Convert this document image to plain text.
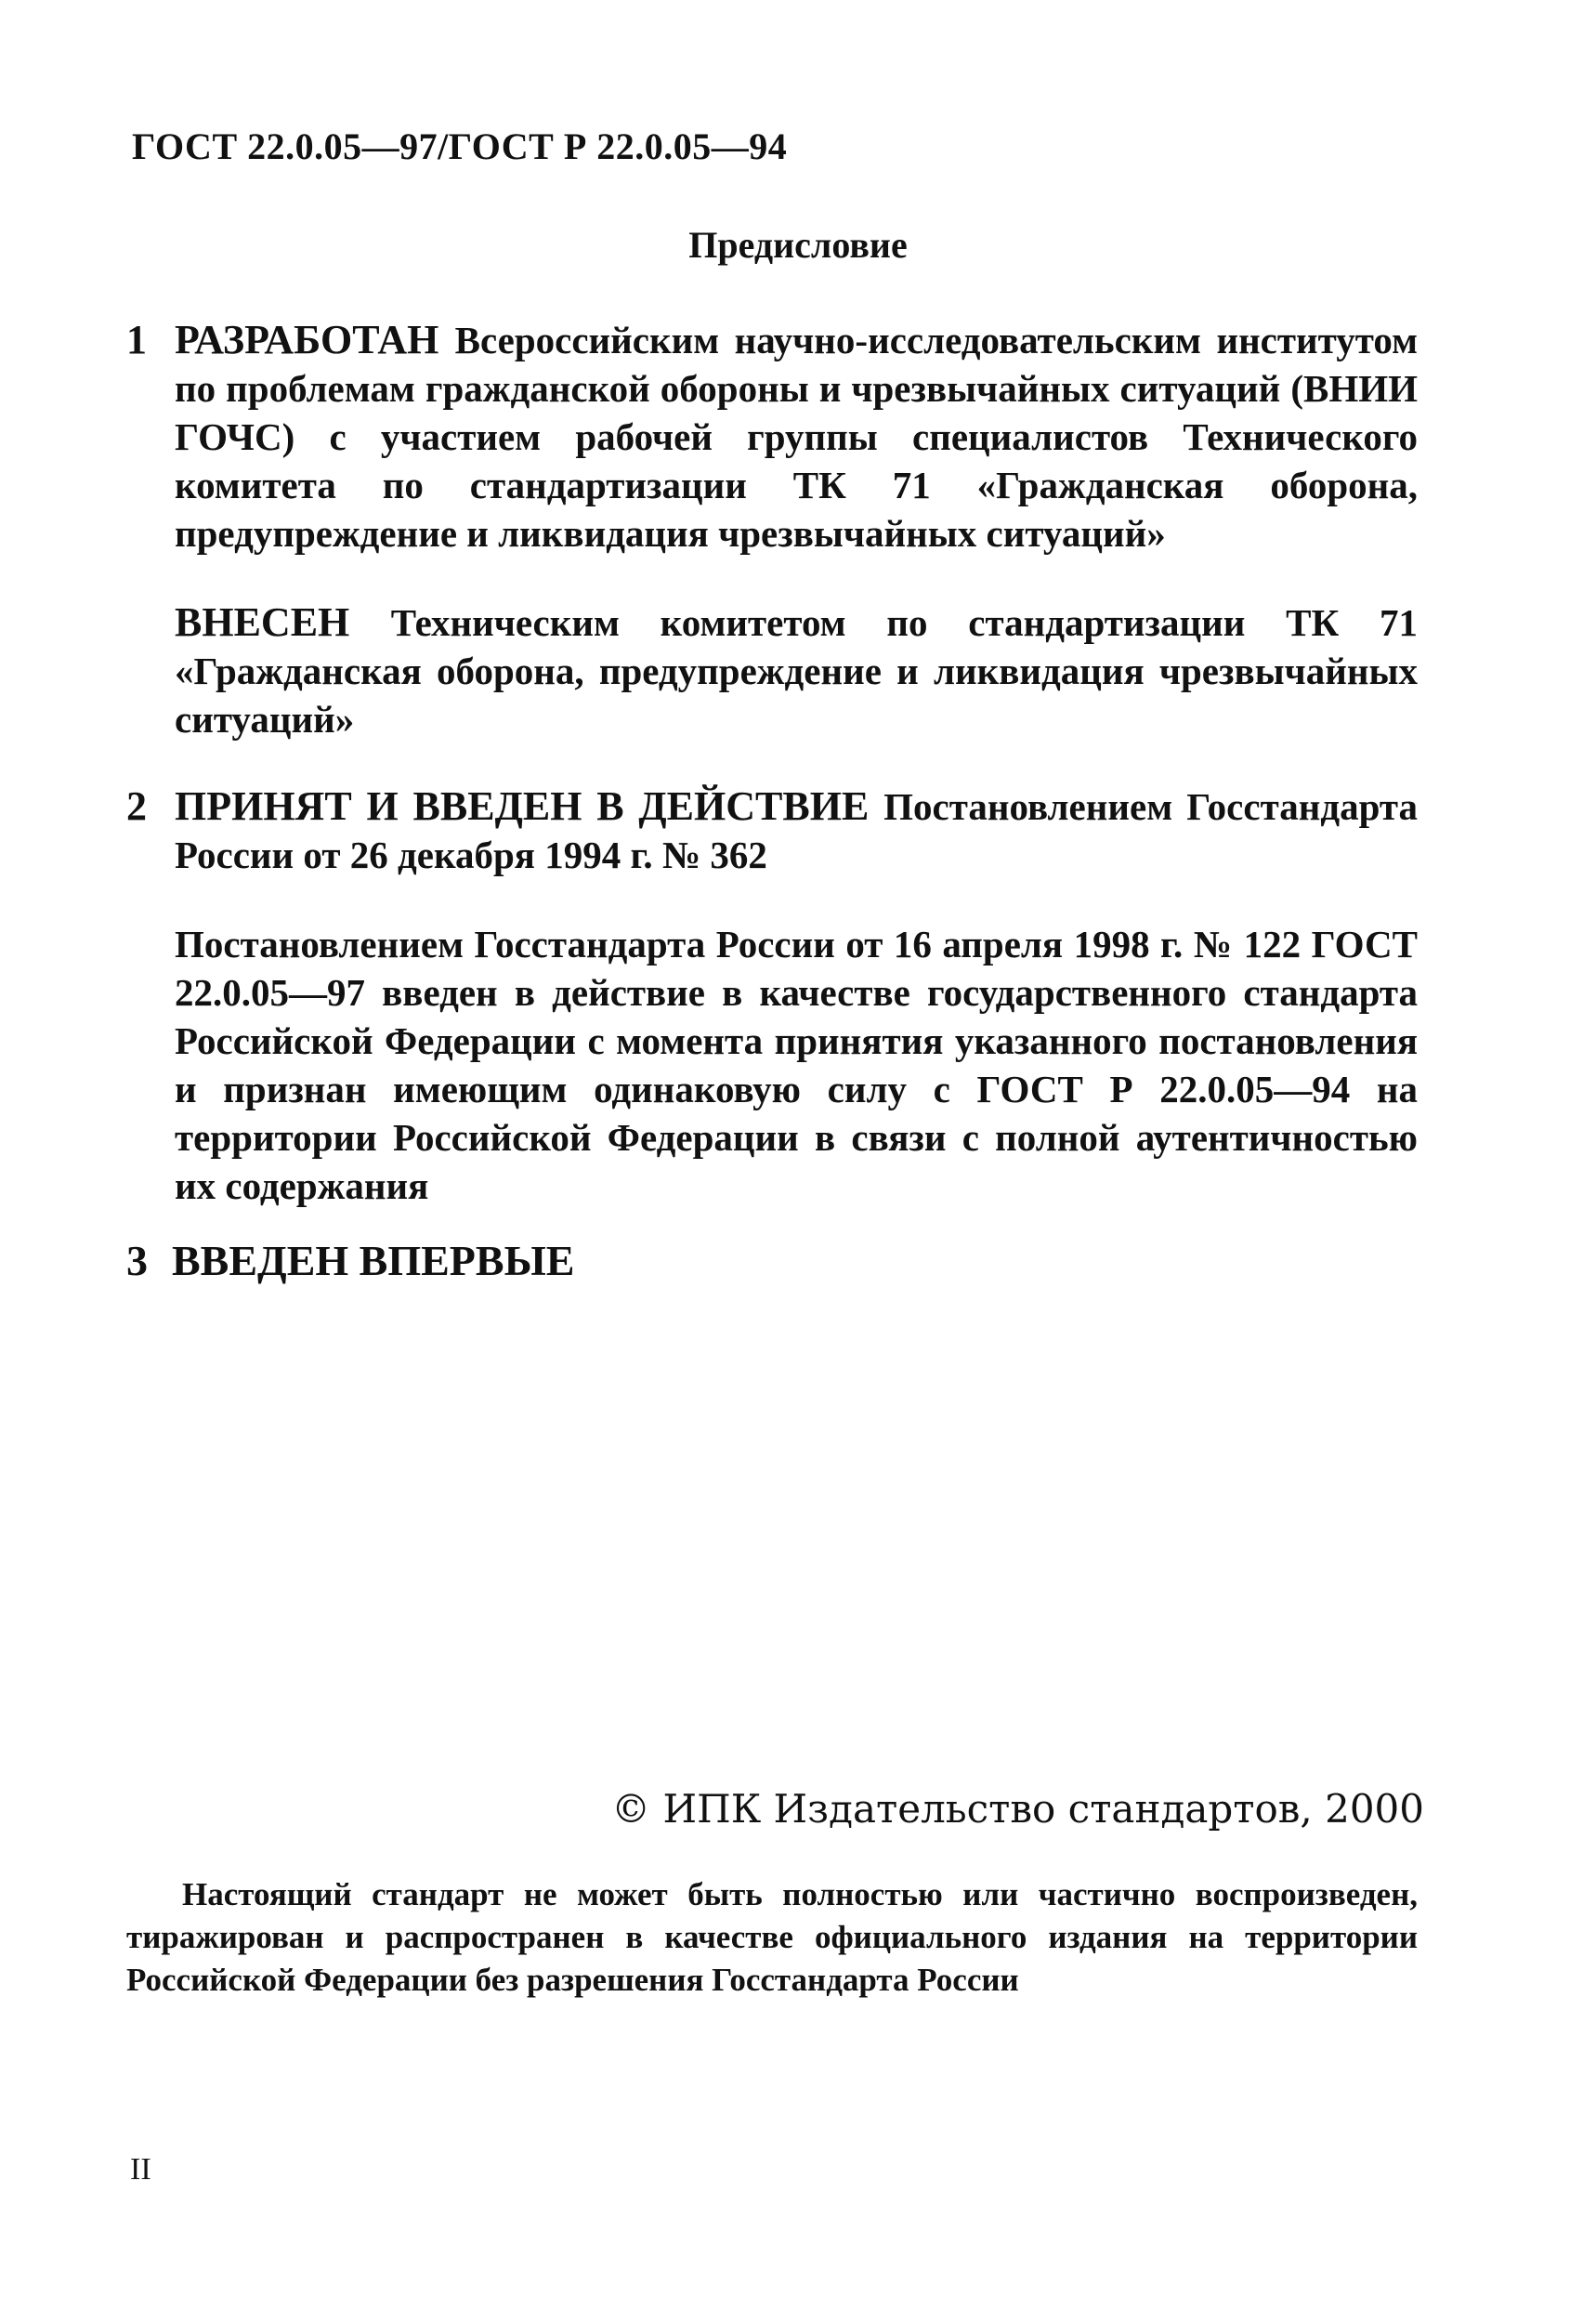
ГОСТ 22.0.05—97/ГОСТ Р 22.0.05—94
Предисловие
1 РАЗРАБОТАН Всероссийским научно-исследовательским институтом по проблемам гражданской обороны и чрезвычайных ситуаций (ВНИИ ГОЧС) с участием рабочей группы специалистов Технического комитета по стандартизации ТК 71 «Гражданская оборона, предупреждение и ликвидация чрезвычайных ситуаций»
ВНЕСЕН Техническим комитетом по стандартизации ТК 71 «Гражданская оборона, предупреждение и ликвидация чрезвычайных ситуаций»
2 ПРИНЯТ И ВВЕДЕН В ДЕЙСТВИЕ Постановлением Госстандарта России от 26 декабря 1994 г. № 362
Постановлением Госстандарта России от 16 апреля 1998 г. № 122 ГОСТ 22.0.05—97 введен в действие в качестве государственного стандарта Российской Федерации с момента принятия указанного постановления и признан имеющим одинаковую силу с ГОСТ Р 22.0.05—94 на территории Российской Федерации в связи с полной аутентичностью их содержания
3 ВВЕДЕН ВПЕРВЫЕ
© ИПК Издательство стандартов, 2000
Настоящий стандарт не может быть полностью или частично воспроизведен, тиражирован и распространен в качестве официального издания на территории Российской Федерации без разрешения Госстандарта России
II
